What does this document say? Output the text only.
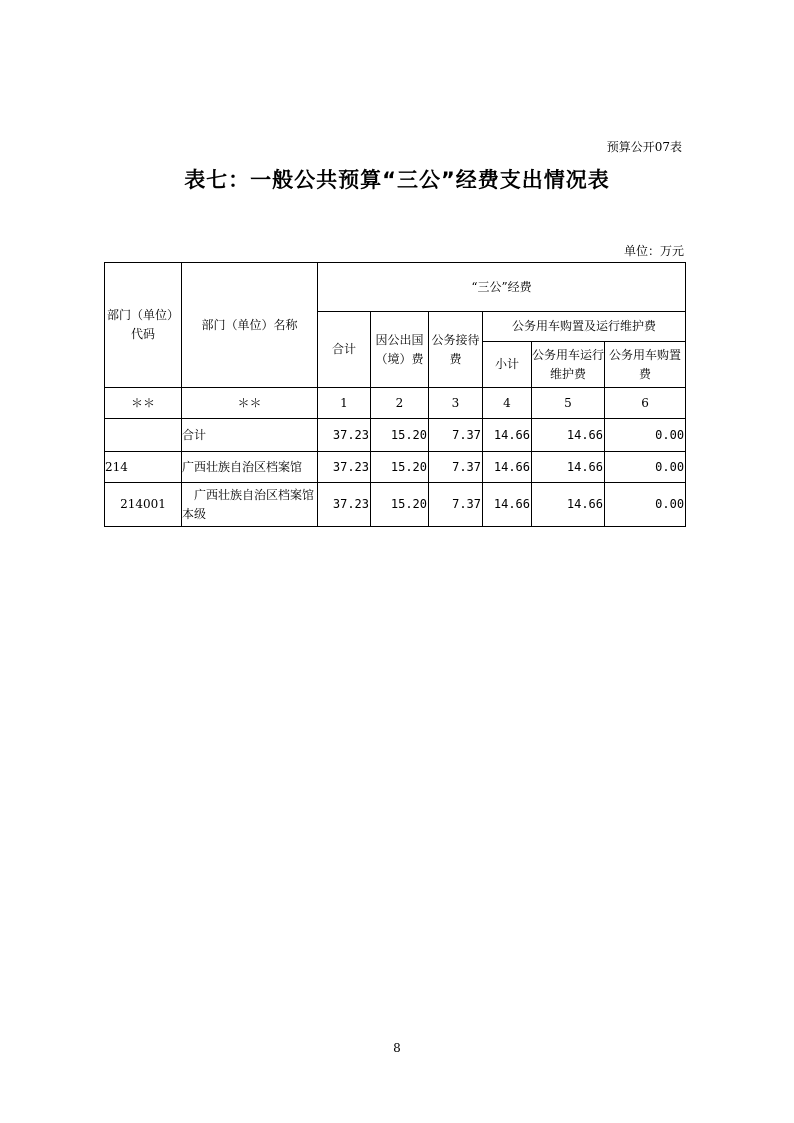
预算公开07表
表七：一般公共预算“三公”经费支出情况表
单位：万元
部门（单位）代码	部门（单位）名称	“三公”经费					
		合计	因公出国（境）费	公务接待费	公务用车购置及运行维护费		
					小计	公务用车运行维护费	公务用车购置费
＊＊	＊＊	1	2	3	4	5	6
	合计	37.23	15.20	7.37	14.66	14.66	0.00
214	广西壮族自治区档案馆	37.23	15.20	7.37	14.66	14.66	0.00
214001	广西壮族自治区档案馆本级	37.23	15.20	7.37	14.66	14.66	0.00
8
